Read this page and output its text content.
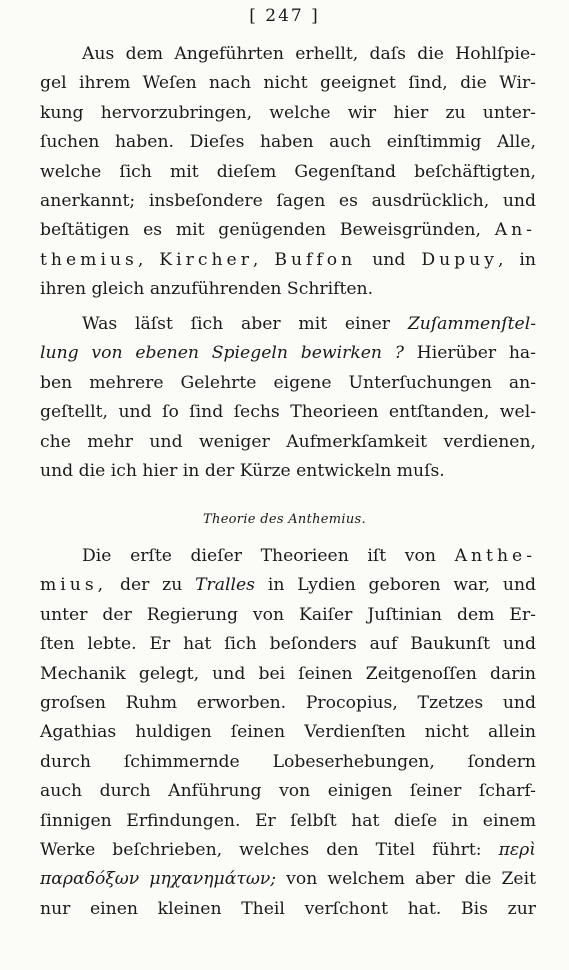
[ 247 ]
Aus dem Angeführten erhellt, daſs die Hohlſpie-
gel ihrem Weſen nach nicht geeignet ſind, die Wir-
kung hervorzubringen, welche wir hier zu unter-
ſuchen haben. Dieſes haben auch einſtimmig Alle,
welche ſich mit dieſem Gegenſtand beſchäftigten,
anerkannt; insbeſondere ſagen es ausdrücklich, und
beſtätigen es mit genügenden Beweisgründen, An-
themius, Kircher, Buffon und Dupuy, in
ihren gleich anzuführenden Schriften.
Was läſst ſich aber mit einer Zuſammenſtel-
lung von ebenen Spiegeln bewirken ? Hierüber ha-
ben mehrere Gelehrte eigene Unterſuchungen an-
geſtellt, und ſo ſind ſechs Theorieen entſtanden, wel-
che mehr und weniger Aufmerkſamkeit verdienen,
und die ich hier in der Kürze entwickeln muſs.
Theorie des Anthemius.
Die erſte dieſer Theorieen iſt von Anthe-
mius, der zu Tralles in Lydien geboren war, und
unter der Regierung von Kaiſer Juſtinian dem Er-
ſten lebte. Er hat ſich beſonders auf Baukunſt und
Mechanik gelegt, und bei ſeinen Zeitgenoſſen darin
groſsen Ruhm erworben. Procopius, Tzetzes und
Agathias huldigen ſeinen Verdienſten nicht allein
durch ſchimmernde Lobeserhebungen, ſondern
auch durch Anführung von einigen ſeiner ſcharf-
ſinnigen Erfindungen. Er ſelbſt hat dieſe in einem
Werke beſchrieben, welches den Titel führt: περὶ
παραδόξων μηχανημάτων; von welchem aber die Zeit
nur einen kleinen Theil verſchont hat. Bis zur
